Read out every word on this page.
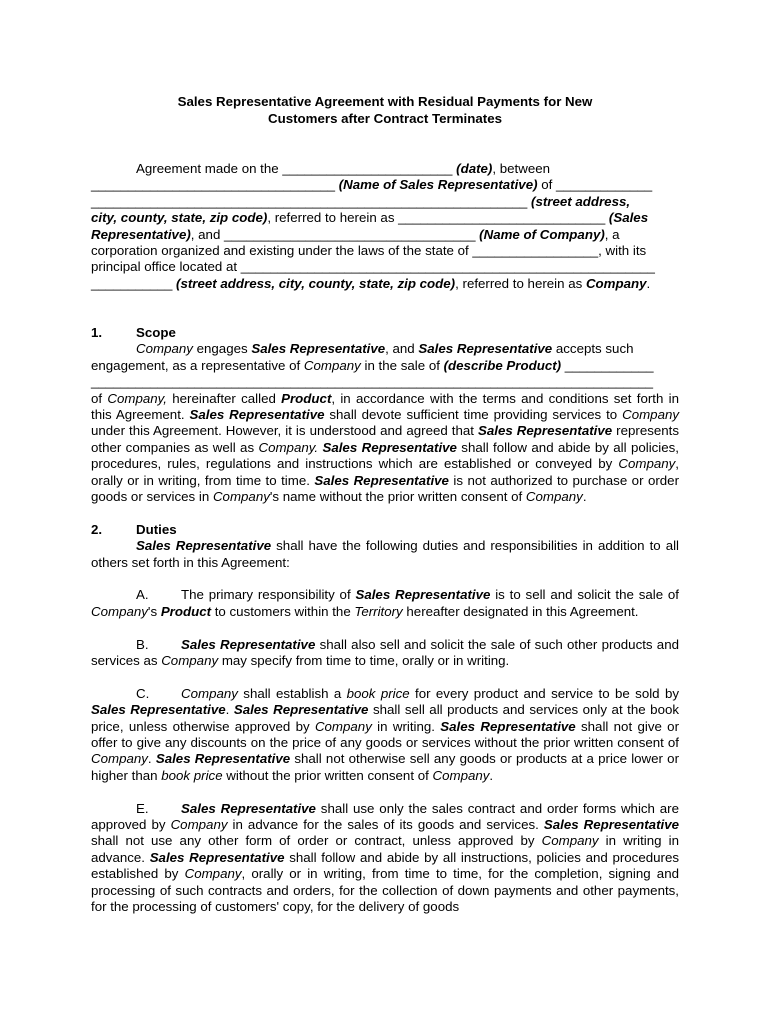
Sales Representative Agreement with Residual Payments for New
Customers after Contract Terminates
Agreement made on the _______________________ (date), between
_________________________________ (Name of Sales Representative) of _____________
___________________________________________________________ (street address,
city, county, state, zip code), referred to herein as ____________________________ (Sales
Representative), and __________________________________ (Name of Company), a
corporation organized and existing under the laws of the state of _________________, with its
principal office located at ________________________________________________________
___________ (street address, city, county, state, zip code), referred to herein as Company.

1.	Scope

Company engages Sales Representative, and Sales Representative accepts such
engagement, as a representative of Company in the sale of (describe Product) ____________
____________________________________________________________________________

of Company, hereinafter called Product, in accordance with the terms and conditions set forth in this Agreement. Sales Representative shall devote sufficient time providing services to Company under this Agreement. However, it is understood and agreed that Sales Representative represents other companies as well as Company. Sales Representative shall follow and abide by all policies, procedures, rules, regulations and instructions which are established or conveyed by Company, orally or in writing, from time to time. Sales Representative is not authorized to purchase or order goods or services in Company's name without the prior written consent of Company.

2.	Duties

Sales Representative shall have the following duties and responsibilities in addition to all others set forth in this Agreement:

A. The primary responsibility of Sales Representative is to sell and solicit the sale of Company's Product to customers within the Territory hereafter designated in this Agreement.

B. Sales Representative shall also sell and solicit the sale of such other products and services as Company may specify from time to time, orally or in writing.

C. Company shall establish a book price for every product and service to be sold by Sales Representative. Sales Representative shall sell all products and services only at the book price, unless otherwise approved by Company in writing. Sales Representative shall not give or offer to give any discounts on the price of any goods or services without the prior written consent of Company. Sales Representative shall not otherwise sell any goods or products at a price lower or higher than book price without the prior written consent of Company.

E. Sales Representative shall use only the sales contract and order forms which are approved by Company in advance for the sales of its goods and services. Sales Representative shall not use any other form of order or contract, unless approved by Company in writing in advance. Sales Representative shall follow and abide by all instructions, policies and procedures established by Company, orally or in writing, from time to time, for the completion, signing and processing of such contracts and orders, for the collection of down payments and other payments, for the processing of customers' copy, for the delivery of goods
